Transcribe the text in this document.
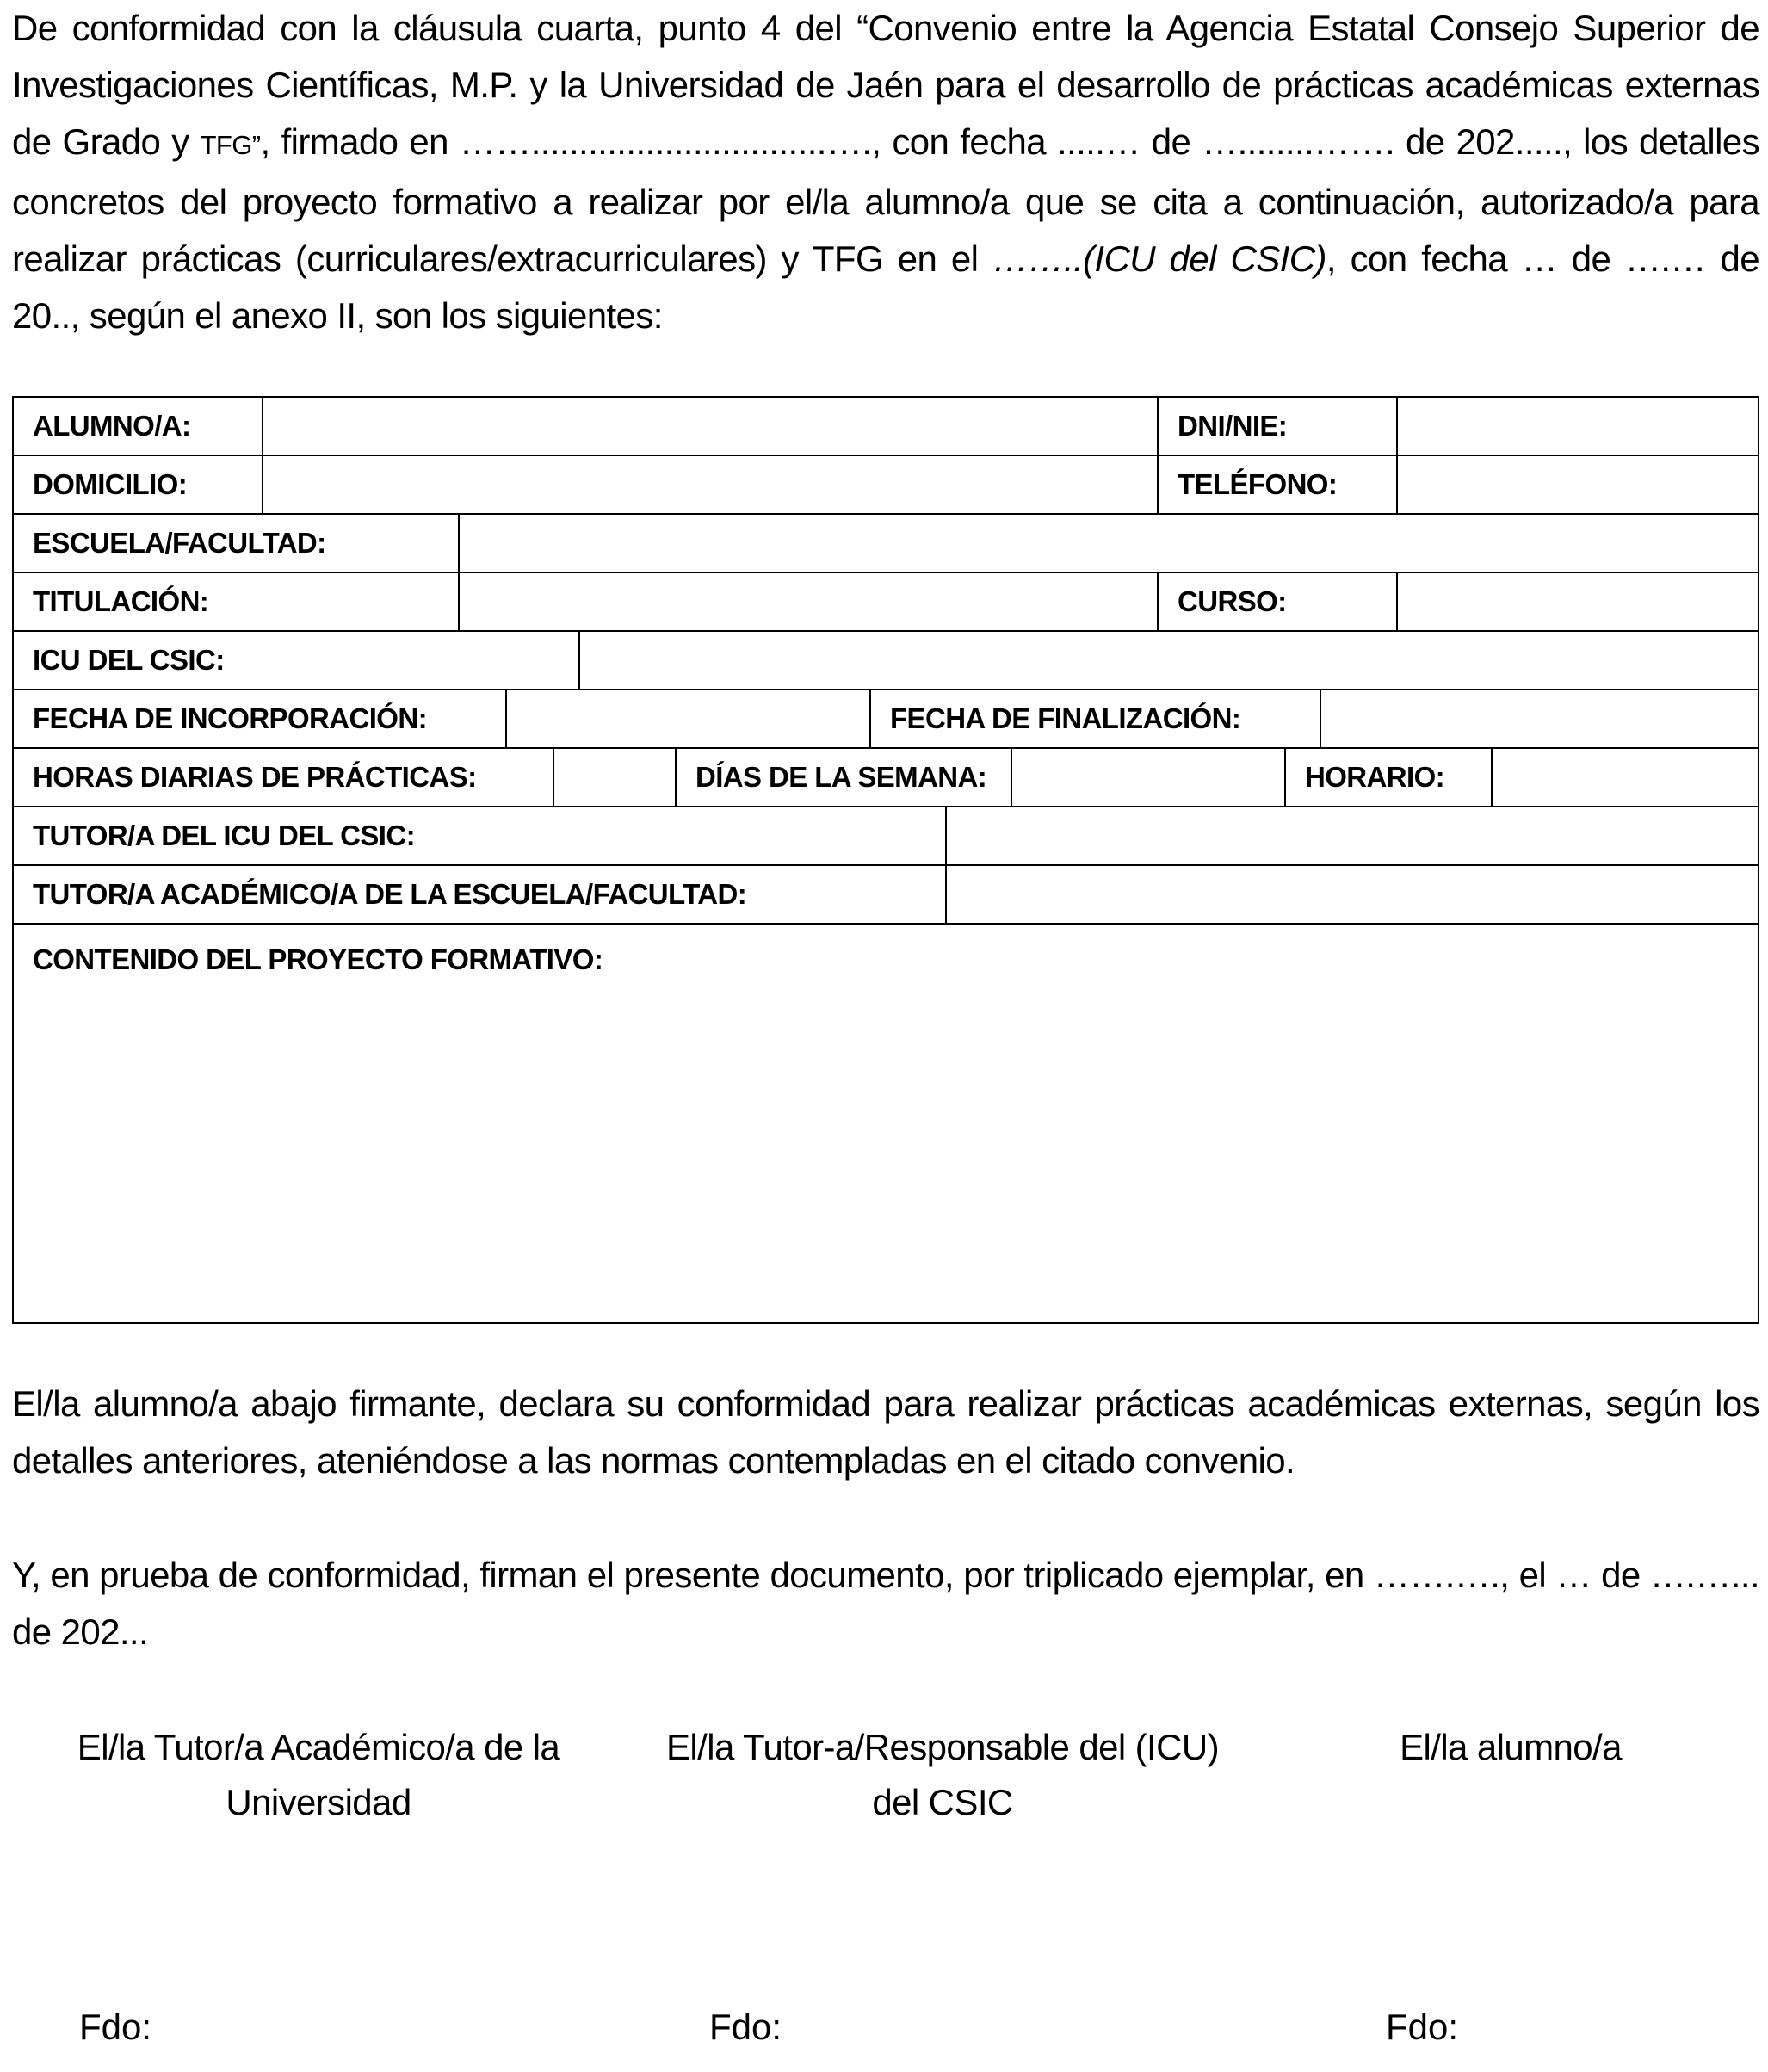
De conformidad con la cláusula cuarta, punto 4 del “Convenio entre la Agencia Estatal Consejo Superior de Investigaciones Científicas, M.P. y la Universidad de Jaén para el desarrollo de prácticas académicas externas de Grado y TFG”, firmado en ……...............................…., con fecha .....… de …........……. de 202....., los detalles concretos del proyecto formativo a realizar por el/la alumno/a que se cita a continuación, autorizado/a para realizar prácticas (curriculares/extracurriculares) y TFG en el ……..(ICU del CSIC), con fecha … de ….… de 20.., según el anexo II, son los siguientes:
ALUMNO/A:	DNI/NIE:
DOMICILIO:	TELÉFONO:
ESCUELA/FACULTAD:
TITULACIÓN:	CURSO:
ICU DEL CSIC:
FECHA DE INCORPORACIÓN:	FECHA DE FINALIZACIÓN:
HORAS DIARIAS DE PRÁCTICAS:	DÍAS DE LA SEMANA:	HORARIO:
TUTOR/A DEL ICU DEL CSIC:
TUTOR/A ACADÉMICO/A DE LA ESCUELA/FACULTAD:
CONTENIDO DEL PROYECTO FORMATIVO:
El/la alumno/a abajo firmante, declara su conformidad para realizar prácticas académicas externas, según los detalles anteriores, ateniéndose a las normas contempladas en el citado convenio.
Y, en prueba de conformidad, firman el presente documento, por triplicado ejemplar, en …….…., el … de ….…... de 202...
El/la Tutor/a Académico/a de la
Universidad
El/la Tutor-a/Responsable del (ICU)
del CSIC
El/la alumno/a
Fdo:	Fdo:	Fdo:
